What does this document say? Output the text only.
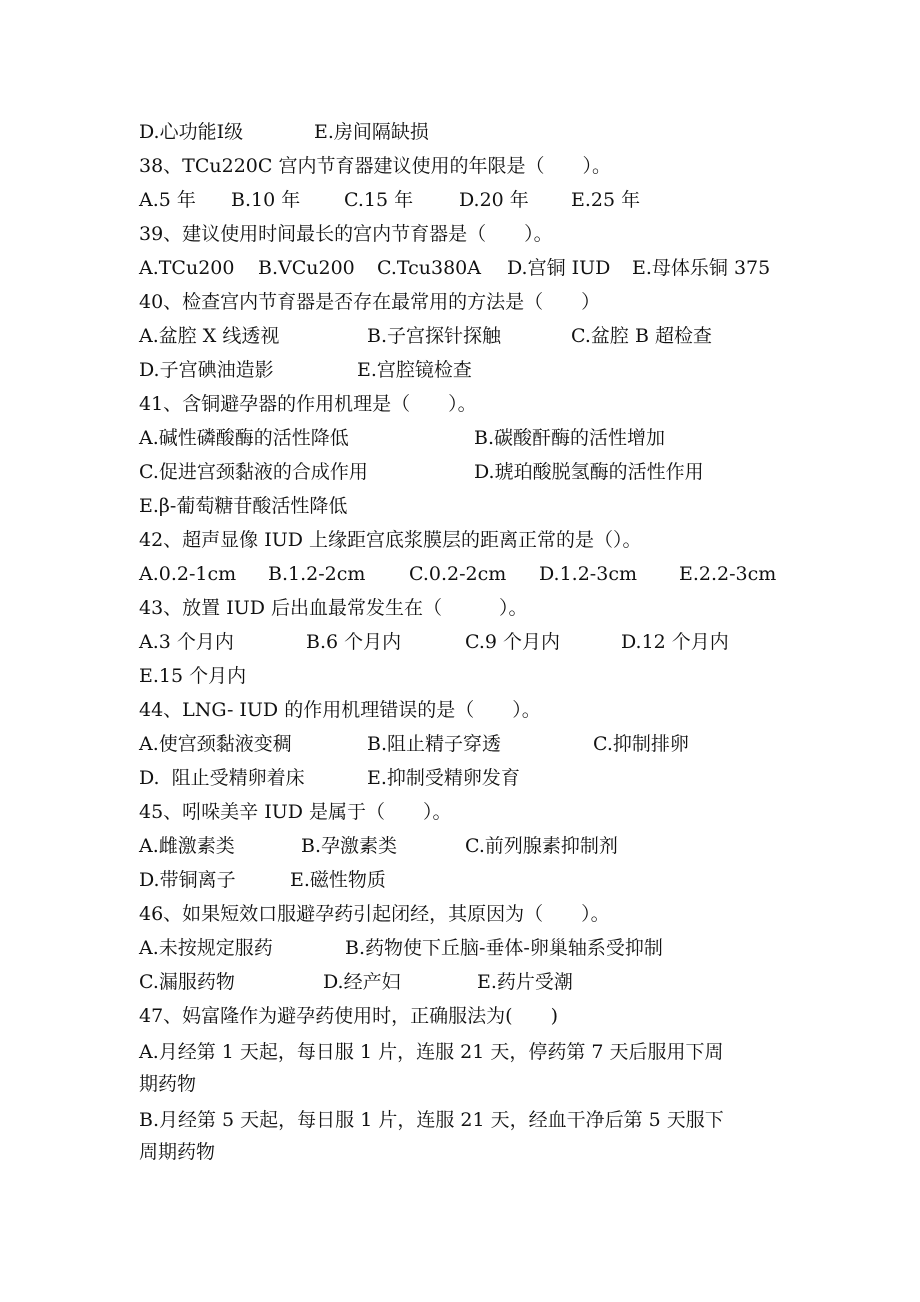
D.心功能Ⅰ级	E.房间隔缺损
38、TCu220C 宫内节育器建议使用的年限是（　　）。
A.5 年 B.10 年 C.15 年 D.20 年 E.25 年
39、建议使用时间最长的宫内节育器是（　　）。
A.TCu200 B.VCu200 C.Tcu380A D.宫铜 IUD E.母体乐铜 375
40、检查宫内节育器是否存在最常用的方法是（　　）
A.盆腔 X 线透视	B.子宫探针探触	C.盆腔 B 超检查
D.子宫碘油造影	E.宫腔镜检查
41、含铜避孕器的作用机理是（　　）。
A.碱性磷酸酶的活性降低	B.碳酸酐酶的活性增加
C.促进宫颈黏液的合成作用	D.琥珀酸脱氢酶的活性作用
E.β-葡萄糖苷酸活性降低
42、超声显像 IUD 上缘距宫底浆膜层的距离正常的是（）。
A.0.2-1cm B.1.2-2cm C.0.2-2cm D.1.2-3cm E.2.2-3cm
43、放置 IUD 后出血最常发生在（　　　）。
A.3 个月内	B.6 个月内	C.9 个月内	D.12 个月内
E.15 个月内
44、LNG- IUD 的作用机理错误的是（　　）。
A.使宫颈黏液变稠	B.阻止精子穿透	C.抑制排卵
D.  阻止受精卵着床	E.抑制受精卵发育
45、吲哚美辛 IUD 是属于（　　）。
A.雌激素类	B.孕激素类	C.前列腺素抑制剂
D.带铜离子	E.磁性物质
46、如果短效口服避孕药引起闭经，其原因为（　　）。
A.未按规定服药	B.药物使下丘脑-垂体-卵巢轴系受抑制
C.漏服药物	D.经产妇	E.药片受潮
47、妈富隆作为避孕药使用时，正确服法为(　　)
A.月经第 1 天起，每日服 1 片，连服 21 天，停药第 7 天后服用下周
期药物
B.月经第 5 天起，每日服 1 片，连服 21 天，经血干净后第 5 天服下
周期药物
